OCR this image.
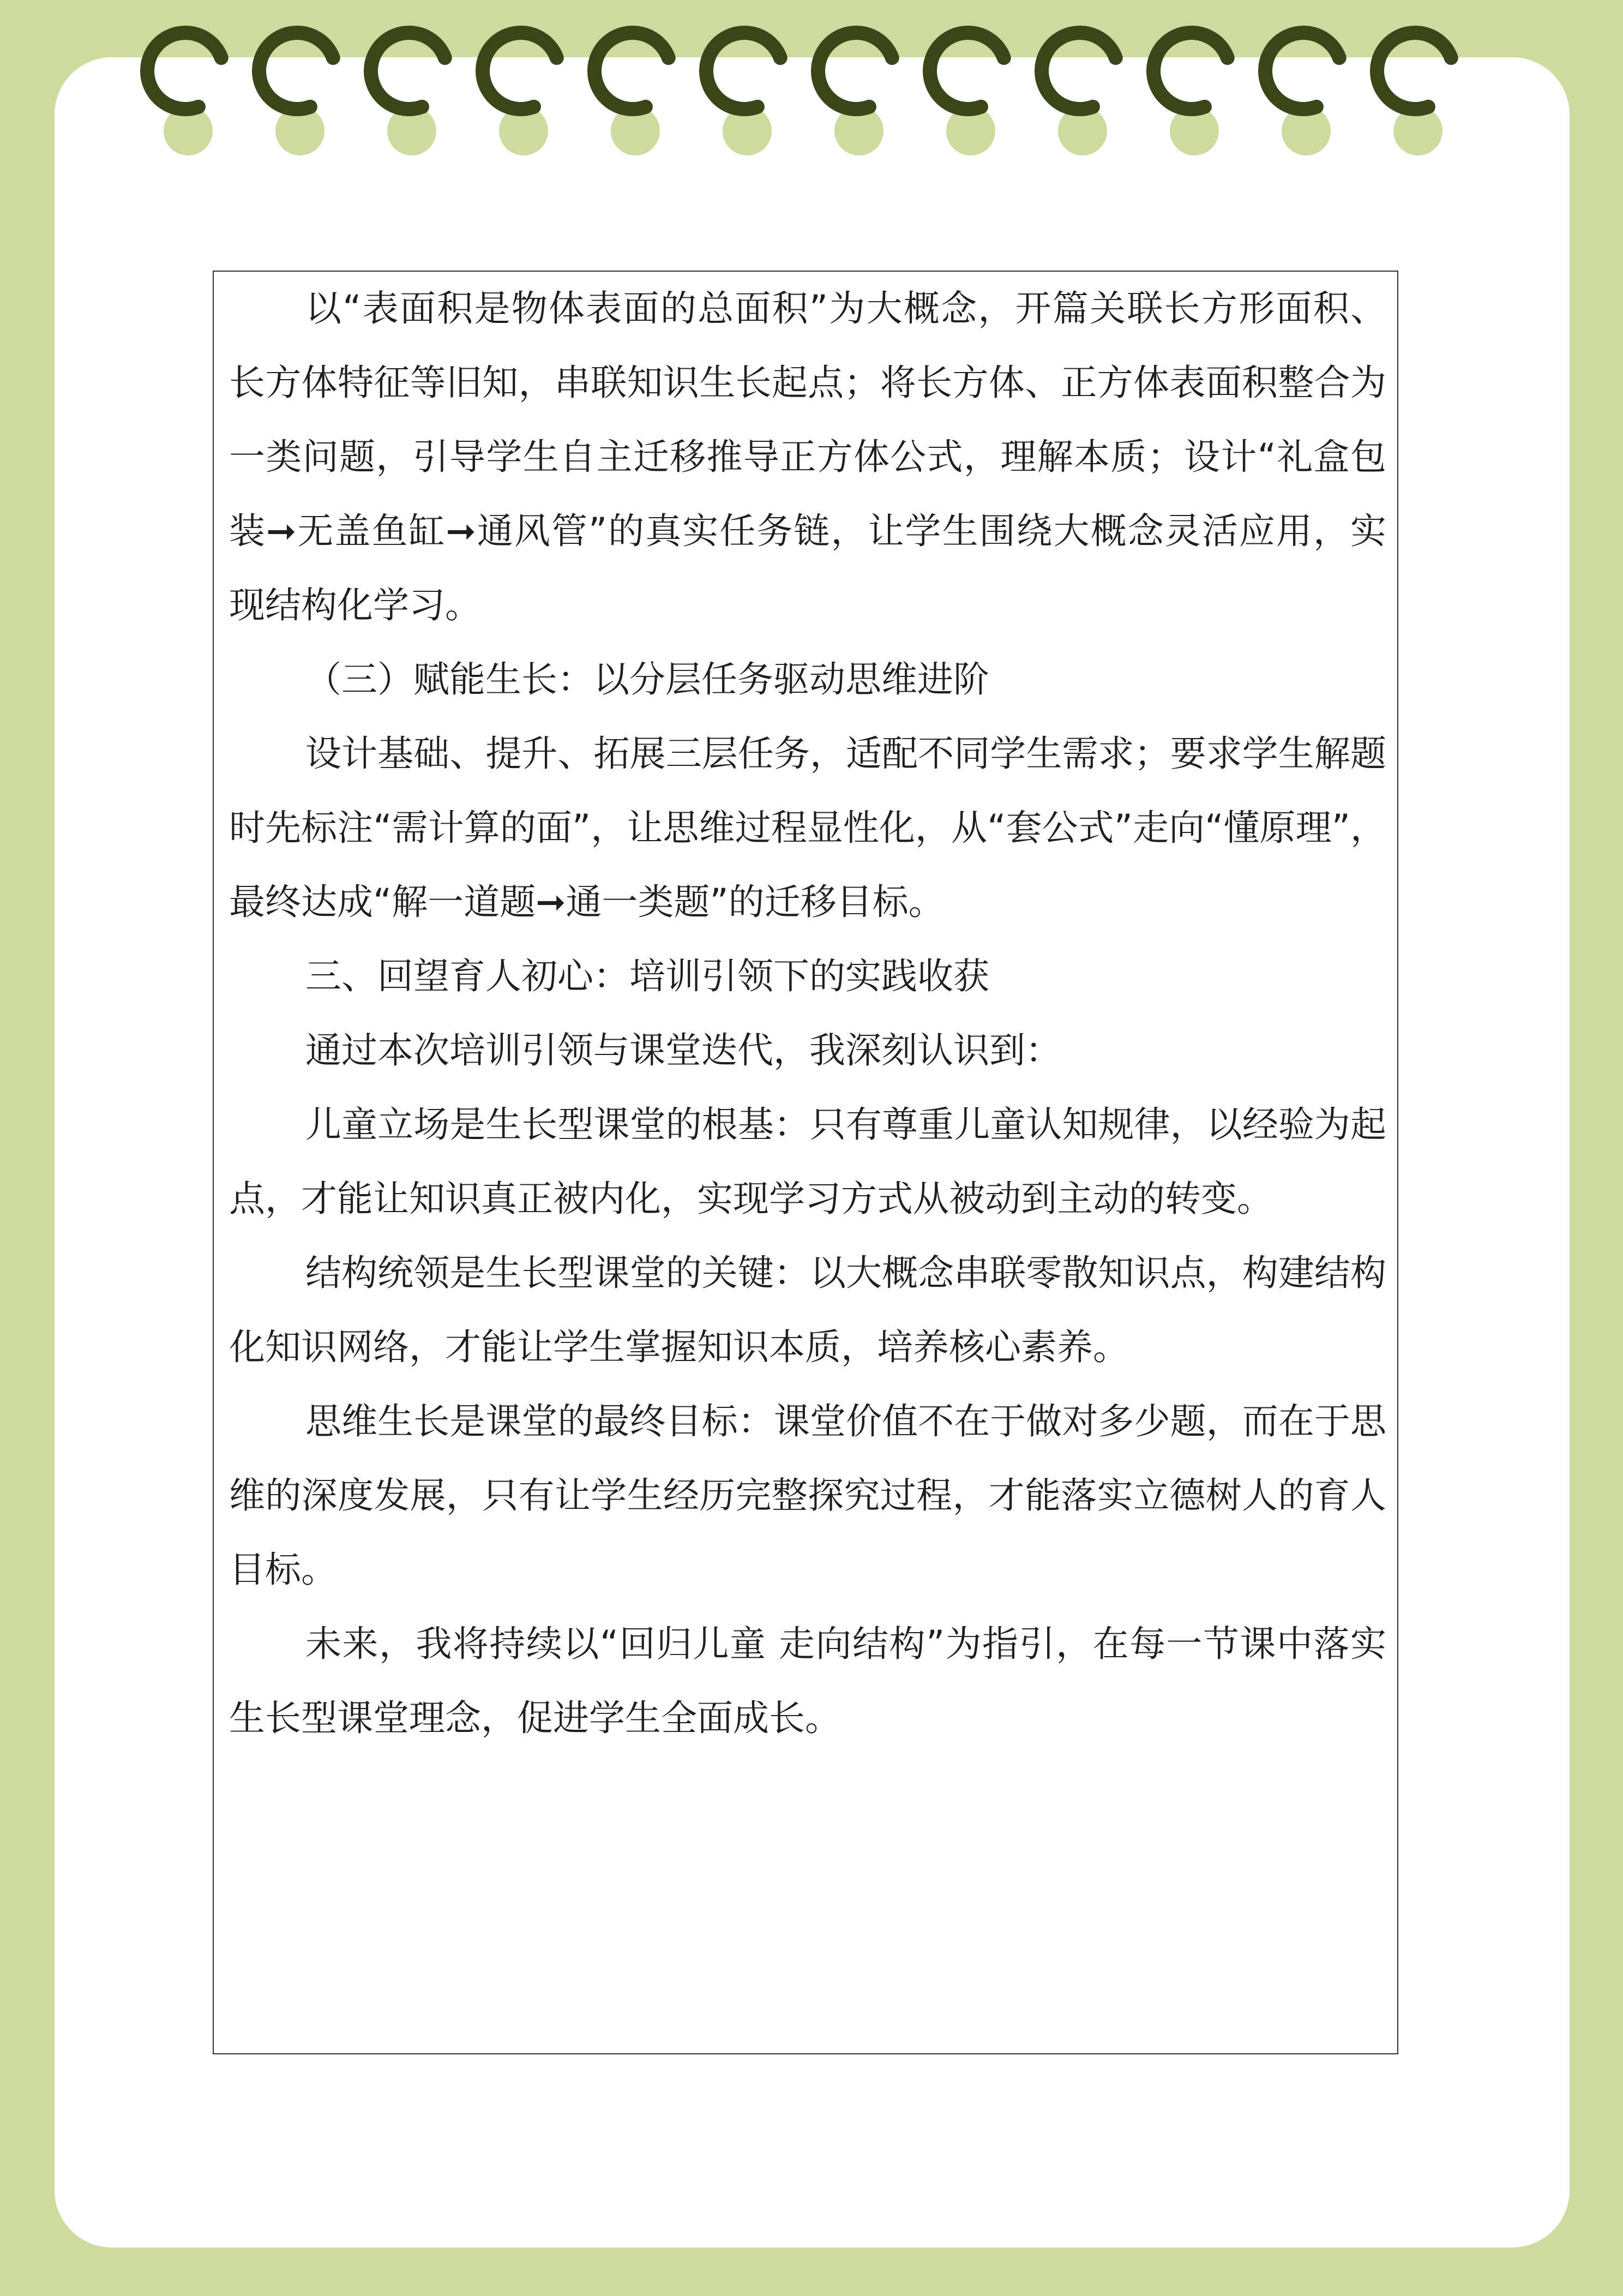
以“表面积是物体表面的总面积”为大概念，开篇关联长方形面积、长方体特征等旧知，串联知识生长起点；将长方体、正方体表面积整合为一类问题，引导学生自主迁移推导正方体公式，理解本质；设计“礼盒包装➞无盖鱼缸➞通风管”的真实任务链，让学生围绕大概念灵活应用，实现结构化学习。

（三）赋能生长：以分层任务驱动思维进阶

设计基础、提升、拓展三层任务，适配不同学生需求；要求学生解题时先标注“需计算的面”，让思维过程显性化，从“套公式”走向“懂原理”，最终达成“解一道题➞通一类题”的迁移目标。

三、回望育人初心：培训引领下的实践收获

通过本次培训引领与课堂迭代，我深刻认识到：

儿童立场是生长型课堂的根基：只有尊重儿童认知规律，以经验为起点，才能让知识真正被内化，实现学习方式从被动到主动的转变。

结构统领是生长型课堂的关键：以大概念串联零散知识点，构建结构化知识网络，才能让学生掌握知识本质，培养核心素养。

思维生长是课堂的最终目标：课堂价值不在于做对多少题，而在于思维的深度发展，只有让学生经历完整探究过程，才能落实立德树人的育人目标。

未来，我将持续以“回归儿童 走向结构”为指引，在每一节课中落实生长型课堂理念，促进学生全面成长。
